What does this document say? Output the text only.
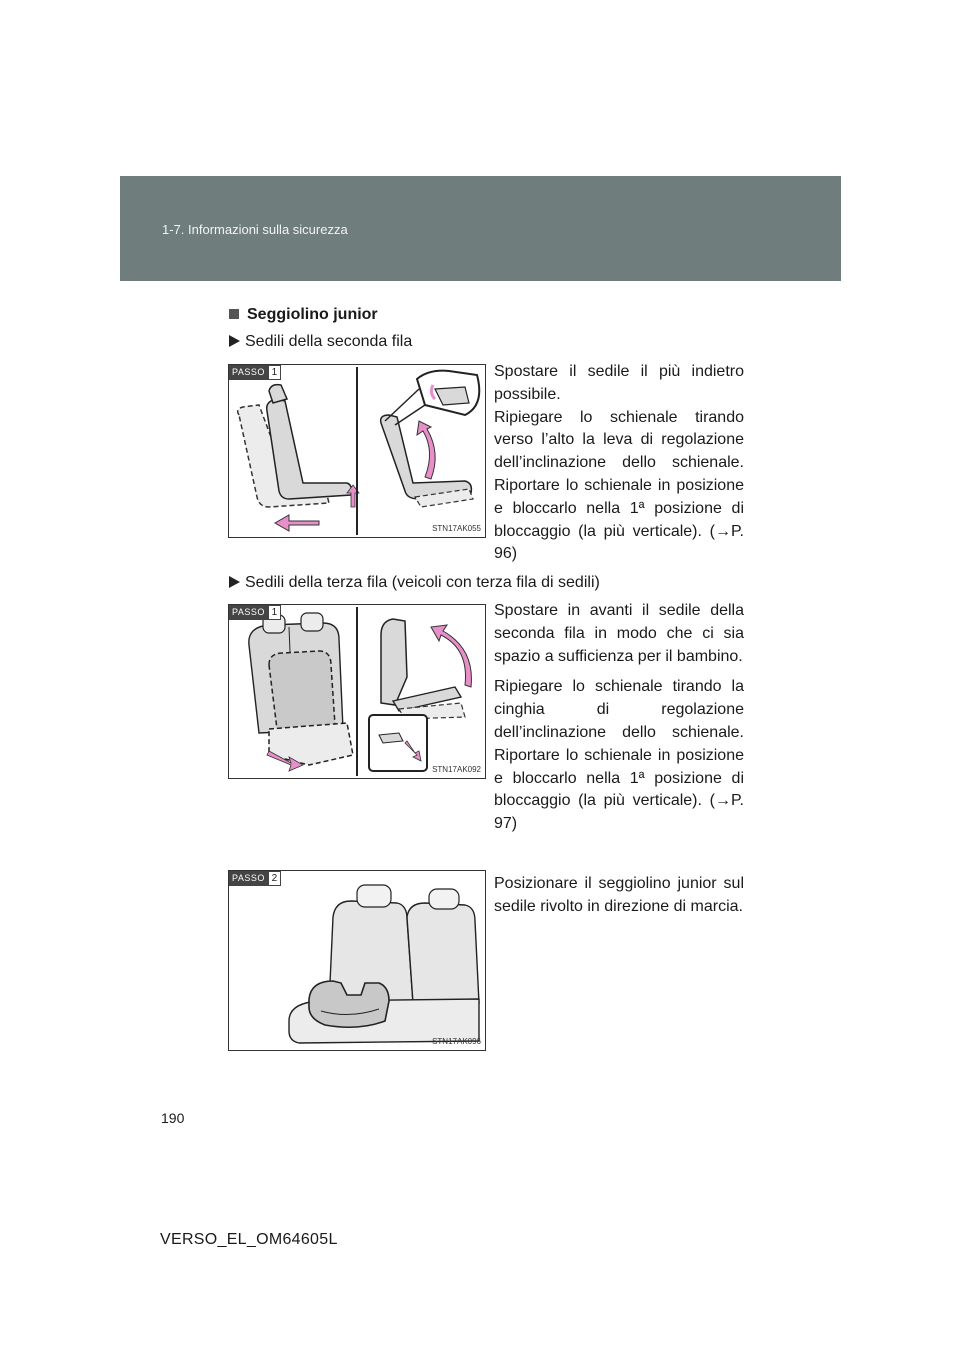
1-7. Informazioni sulla sicurezza
Seggiolino junior
Sedili della seconda fila
PASSO 1
STN17AK055

Spostare il sedile il più indietro possibile.

Ripiegare lo schienale tirando verso l’alto la leva di regolazione dell’inclinazione dello schienale. Riportare lo schienale in posizione e bloccarlo nella 1ª posizione di bloccaggio (la più verticale). (→P. 96)

Sedili della terza fila (veicoli con terza fila di sedili)
PASSO 1
STN17AK092

Spostare in avanti il sedile della seconda fila in modo che ci sia spazio a sufficienza per il bambino.

Ripiegare lo schienale tirando la cinghia di regolazione dell’inclinazione dello schienale. Riportare lo schienale in posizione e bloccarlo nella 1ª posizione di bloccaggio (la più verticale). (→P. 97)

PASSO 2
STN17AK096

Posizionare il seggiolino junior sul sedile rivolto in direzione di marcia.

190
VERSO_EL_OM64605L
